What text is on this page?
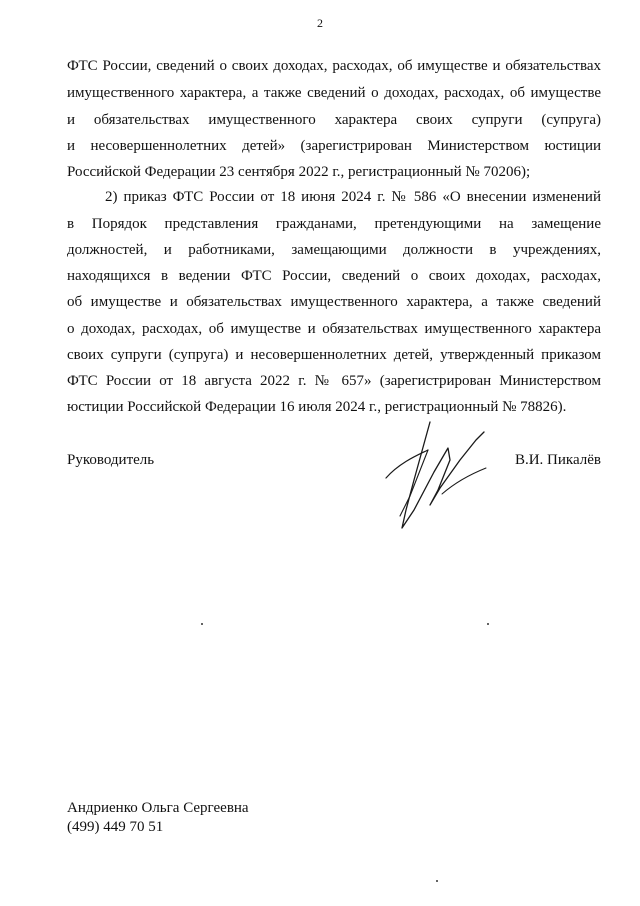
2
ФТС России, сведений о своих доходах, расходах, об имуществе и обязательствах
имущественного характера, а также сведений о доходах, расходах, об имуществе
и обязательствах имущественного характера своих супруги (супруга)
и несовершеннолетних детей» (зарегистрирован Министерством юстиции
Российской Федерации 23 сентября 2022 г., регистрационный № 70206);
2) приказ ФТС России от 18 июня 2024 г. № 586 «О внесении изменений
в Порядок представления гражданами, претендующими на замещение
должностей, и работниками, замещающими должности в учреждениях,
находящихся в ведении ФТС России, сведений о своих доходах, расходах,
об имуществе и обязательствах имущественного характера, а также сведений
о доходах, расходах, об имуществе и обязательствах имущественного характера
своих супруги (супруга) и несовершеннолетних детей, утвержденный приказом
ФТС России от 18 августа 2022 г. № 657» (зарегистрирован Министерством
юстиции Российской Федерации 16 июля 2024 г., регистрационный № 78826).
Руководитель	В.И. Пикалёв
Андриенко Ольга Сергеевна
(499) 449 70 51
